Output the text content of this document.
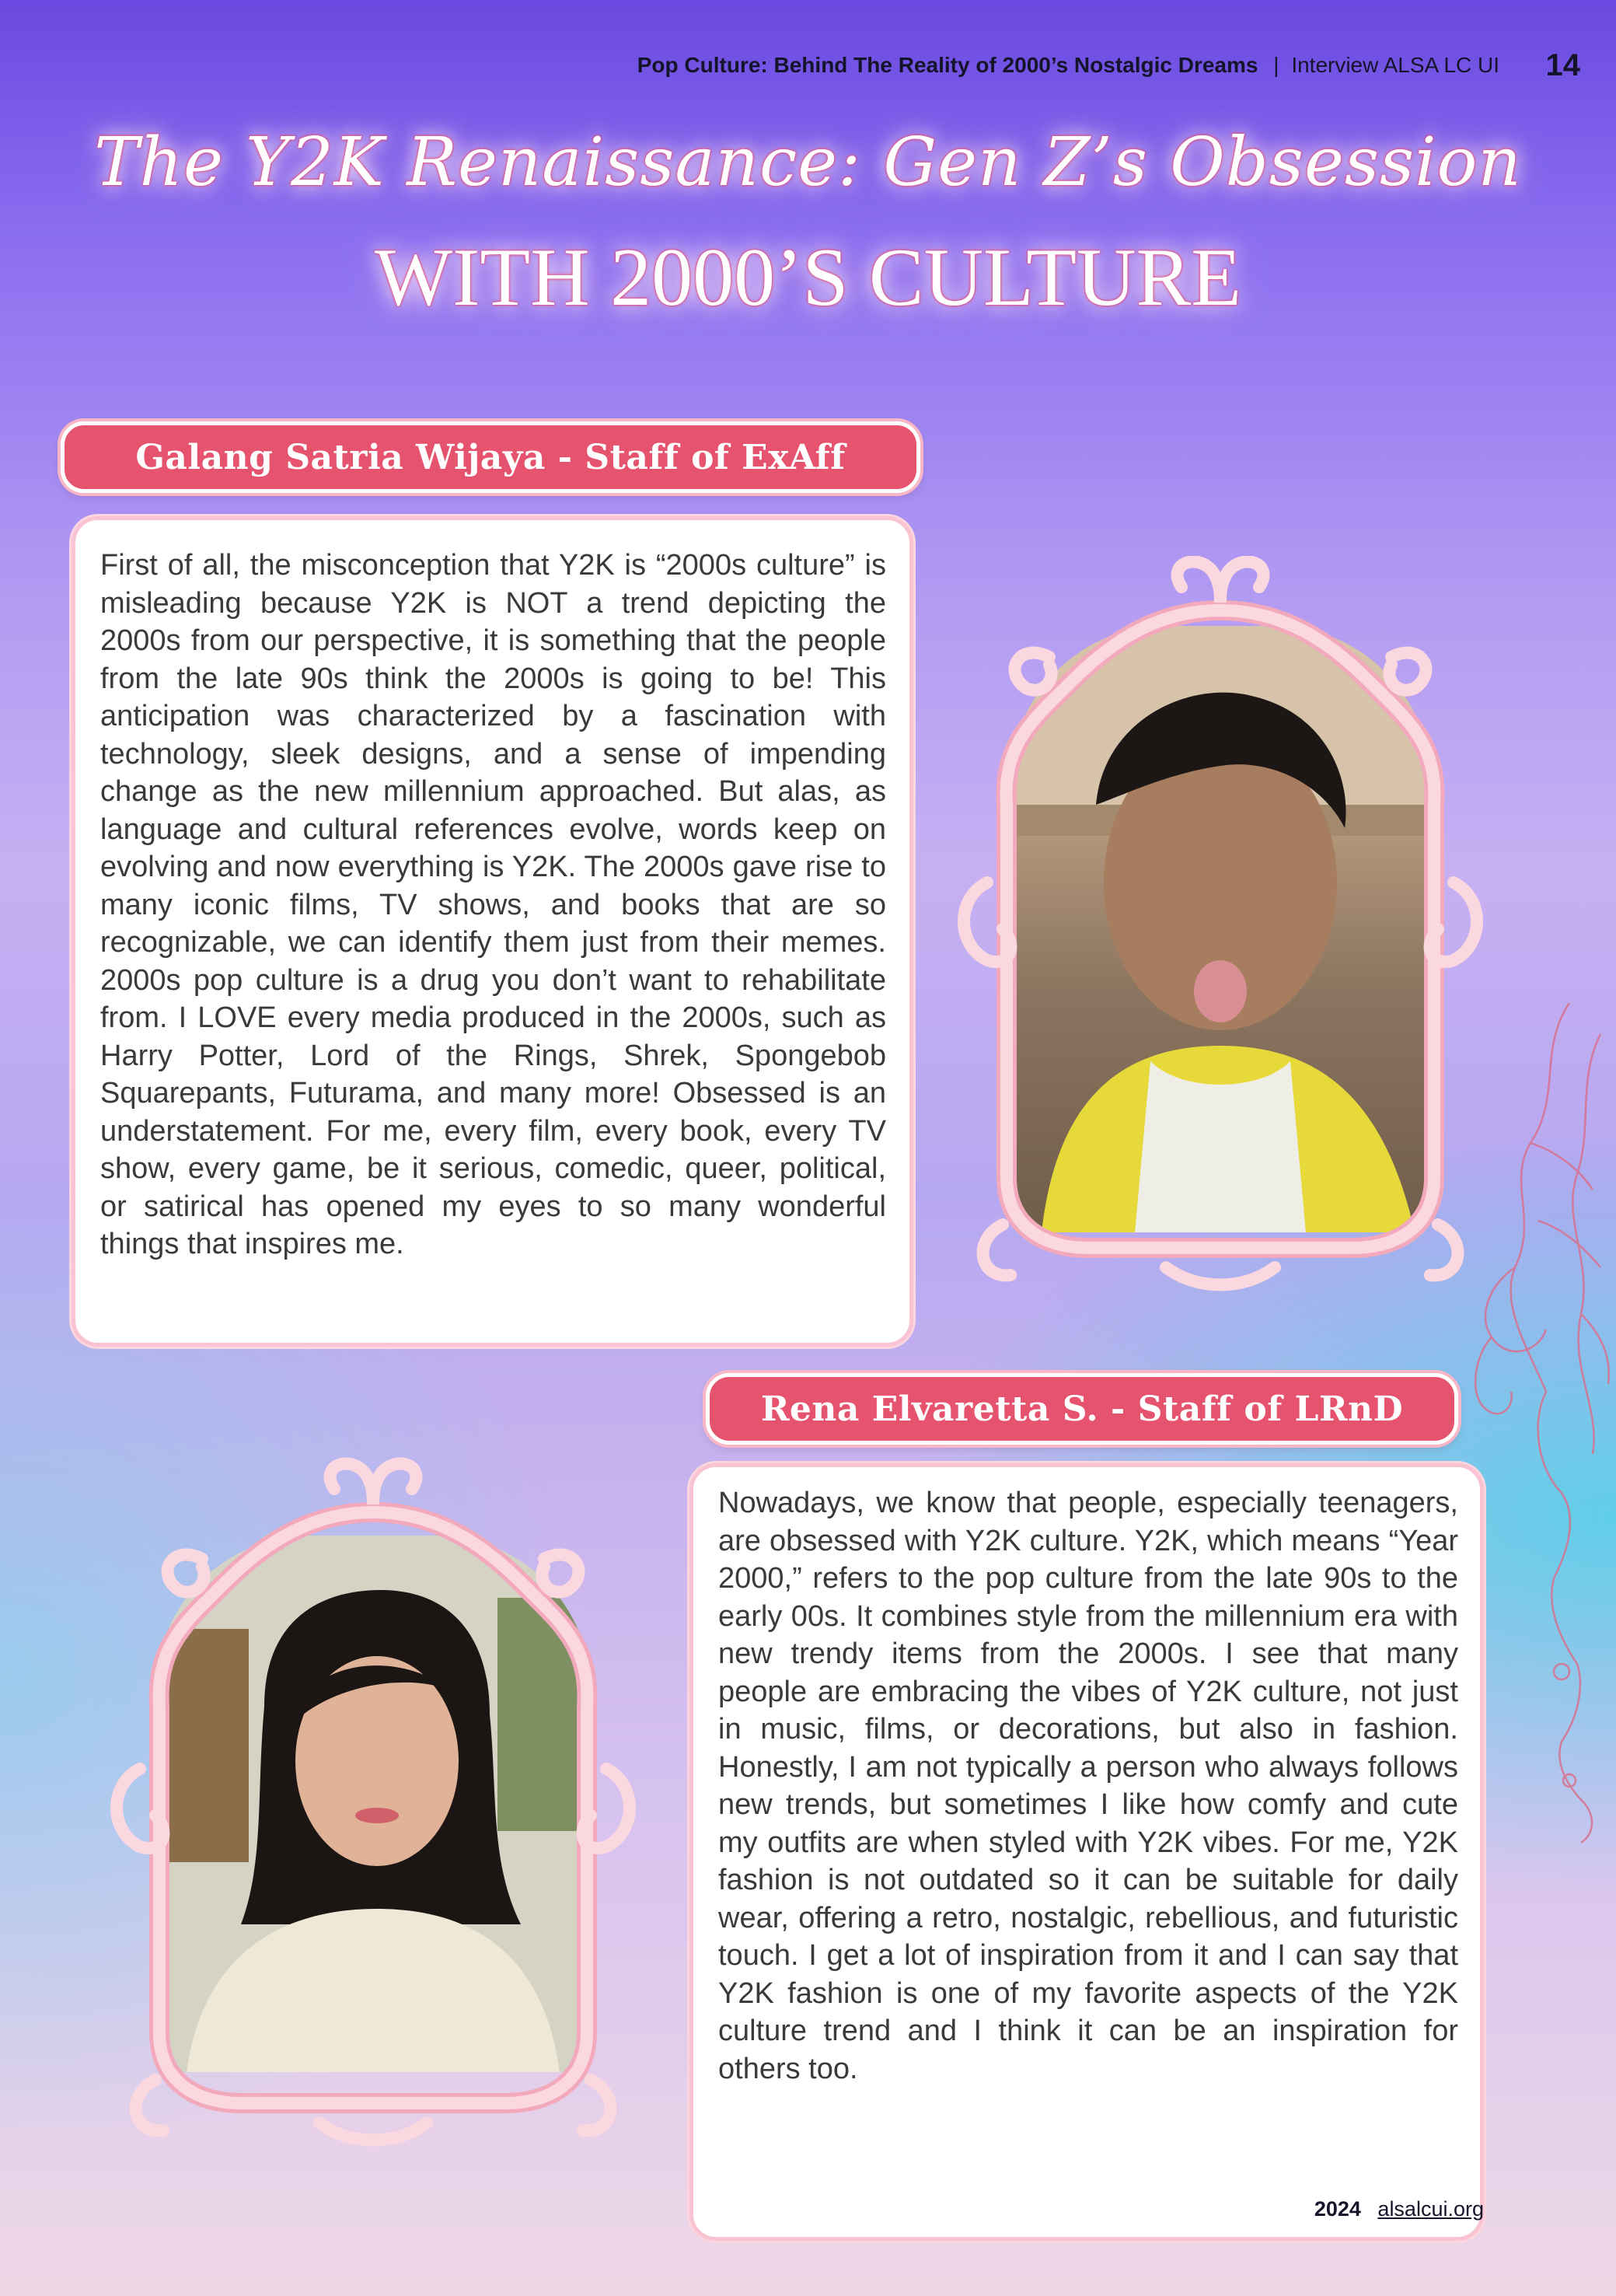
Pop Culture: Behind The Reality of 2000’s Nostalgic Dreams | Interview ALSA LC UI 14
The Y2K Renaissance: Gen Z’s Obsession
WITH 2000’S CULTURE
Galang Satria Wijaya - Staff of ExAff

First of all, the misconception that Y2K is “2000s culture” is misleading because Y2K is NOT a trend depicting the 2000s from our perspective, it is something that the people from the late 90s think the 2000s is going to be! This anticipation was characterized by a fascination with technology, sleek designs, and a sense of impending change as the new millennium approached. But alas, as language and cultural references evolve, words keep on evolving and now everything is Y2K. The 2000s gave rise to many iconic films, TV shows, and books that are so recognizable, we can identify them just from their memes. 2000s pop culture is a drug you don’t want to rehabilitate from. I LOVE every media produced in the 2000s, such as Harry Potter, Lord of the Rings, Shrek, Spongebob Squarepants, Futurama, and many more! Obsessed is an understatement. For me, every film, every book, every TV show, every game, be it serious, comedic, queer, political, or satirical has opened my eyes to so many wonderful things that inspires me.

Rena Elvaretta S. - Staff of LRnD

Nowadays, we know that people, especially teenagers, are obsessed with Y2K culture. Y2K, which means “Year 2000,” refers to the pop culture from the late 90s to the early 00s. It combines style from the millennium era with new trendy items from the 2000s. I see that many people are embracing the vibes of Y2K culture, not just in music, films, or decorations, but also in fashion. Honestly, I am not typically a person who always follows new trends, but sometimes I like how comfy and cute my outfits are when styled with Y2K vibes. For me, Y2K fashion is not outdated so it can be suitable for daily wear, offering a retro, nostalgic, rebellious, and futuristic touch. I get a lot of inspiration from it and I can say that Y2K fashion is one of my favorite aspects of the Y2K culture trend and I think it can be an inspiration for others too.

2024 alsalcui.org
